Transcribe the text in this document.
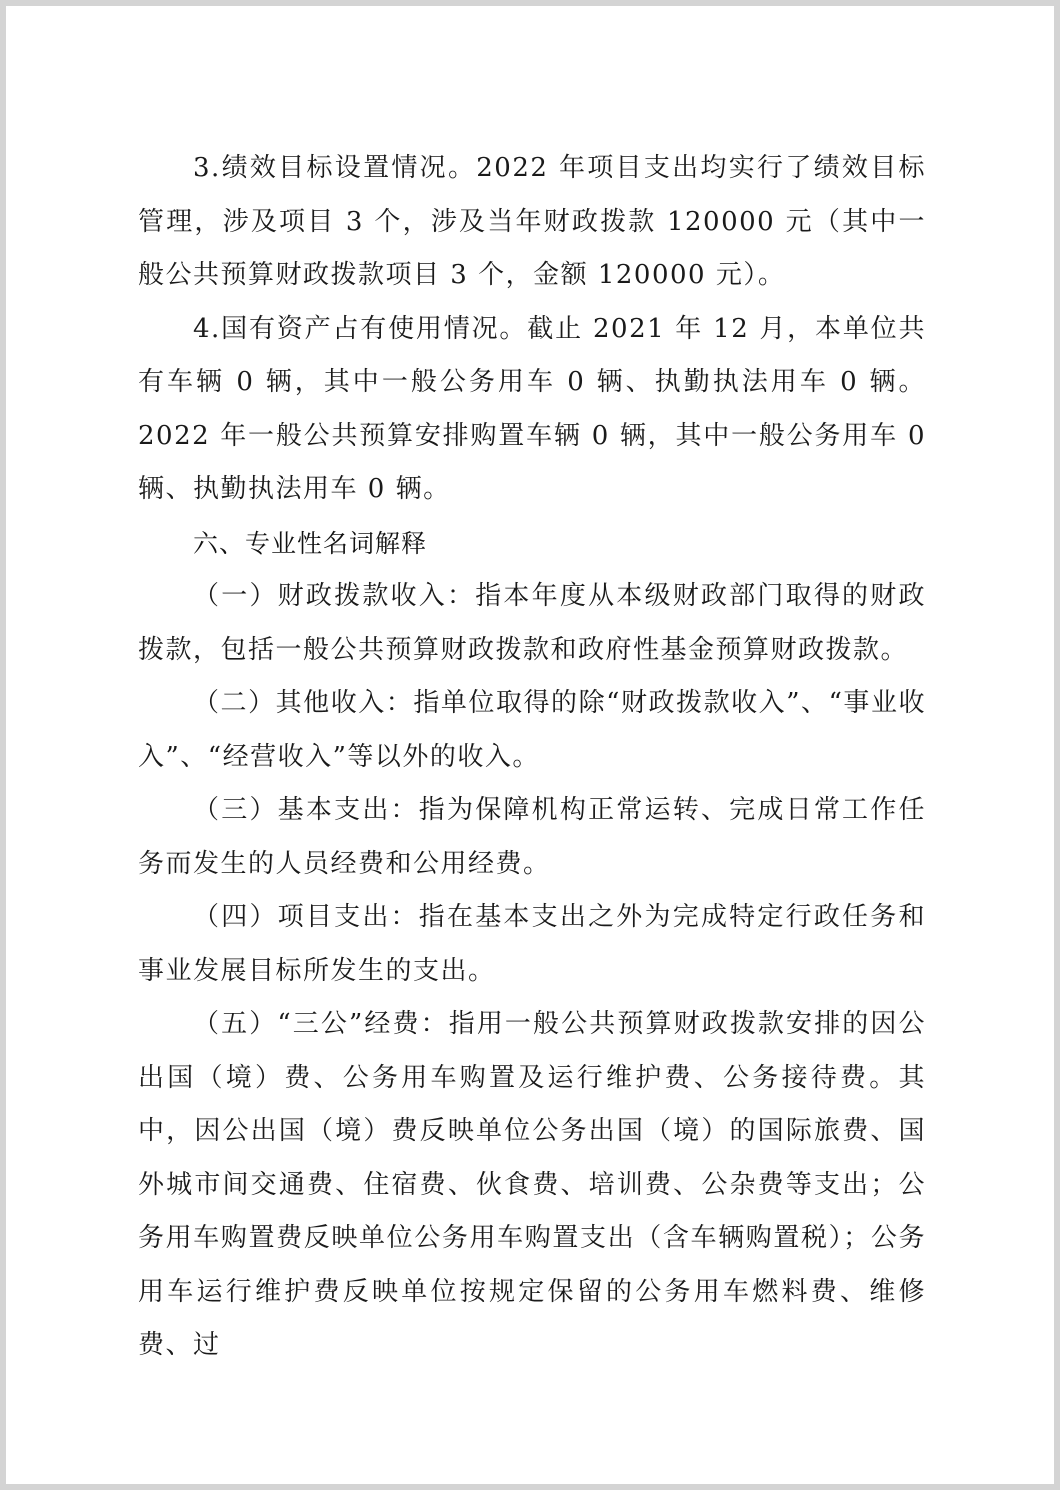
3.绩效目标设置情况。2022 年项目支出均实行了绩效目标管理，涉及项目 3 个，涉及当年财政拨款 120000 元（其中一般公共预算财政拨款项目 3 个，金额 120000 元）。

4.国有资产占有使用情况。截止 2021 年 12 月，本单位共有车辆 0 辆，其中一般公务用车 0 辆、执勤执法用车 0 辆。2022 年一般公共预算安排购置车辆 0 辆，其中一般公务用车 0 辆、执勤执法用车 0 辆。

六、专业性名词解释

（一）财政拨款收入：指本年度从本级财政部门取得的财政拨款，包括一般公共预算财政拨款和政府性基金预算财政拨款。

（二）其他收入：指单位取得的除“财政拨款收入”、“事业收入”、“经营收入”等以外的收入。

（三）基本支出：指为保障机构正常运转、完成日常工作任务而发生的人员经费和公用经费。

（四）项目支出：指在基本支出之外为完成特定行政任务和事业发展目标所发生的支出。

（五）“三公”经费：指用一般公共预算财政拨款安排的因公出国（境）费、公务用车购置及运行维护费、公务接待费。其中，因公出国（境）费反映单位公务出国（境）的国际旅费、国外城市间交通费、住宿费、伙食费、培训费、公杂费等支出；公务用车购置费反映单位公务用车购置支出（含车辆购置税）；公务用车运行维护费反映单位按规定保留的公务用车燃料费、维修费、过
